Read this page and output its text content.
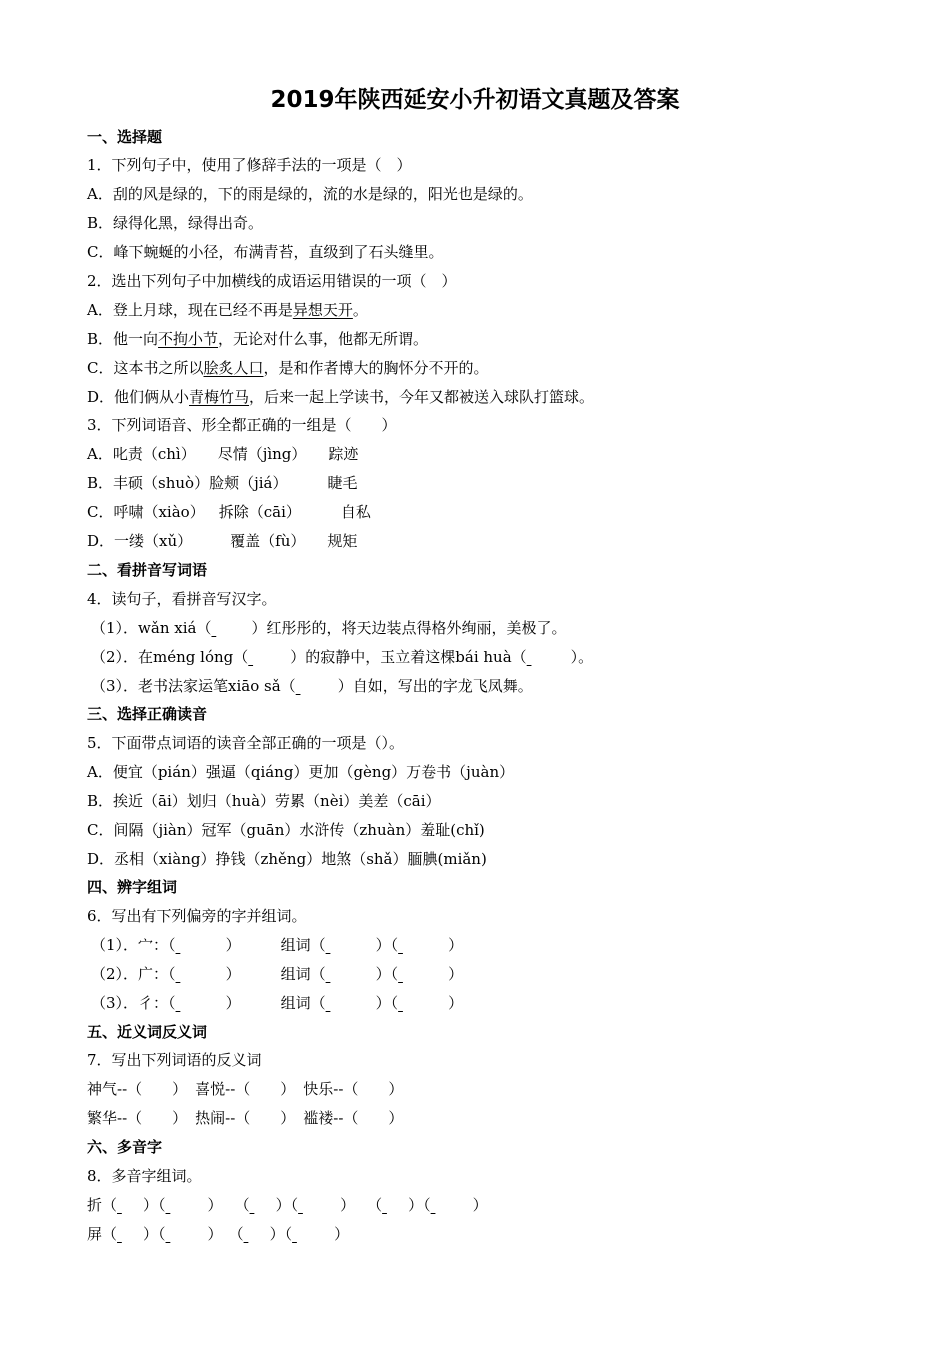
2019年陕西延安小升初语文真题及答案
一、选择题
1．下列句子中，使用了修辞手法的一项是（　）
A．刮的风是绿的，下的雨是绿的，流的水是绿的，阳光也是绿的。
B．绿得化黑，绿得出奇。
C．峰下蜿蜒的小径，布满青苔，直级到了石头缝里。
2．选出下列句子中加横线的成语运用错误的一项（　）
A．登上月球，现在已经不再是异想天开。
B．他一向不拘小节，无论对什么事，他都无所谓。
C．这本书之所以脍炙人口，是和作者博大的胸怀分不开的。
D．他们俩从小青梅竹马，后来一起上学读书，今年又都被送入球队打篮球。
3．下列词语音、形全都正确的一组是（　　）
A．叱责（chì） 尽情（jìng） 踪迹
B．丰硕（shuò）脸颊（jiá）	睫毛
C．呼啸（xiào） 拆除（cāi）	自私
D．一缕（xǔ）	覆盖（fù） 规矩
二、看拼音写词语
4．读句子，看拼音写汉字。
（1）．wǎn xiá（	）红彤彤的，将天边装点得格外绚丽，美极了。
（2）．在méng lóng（	）的寂静中，玉立着这棵bái huà（	）。
（3）．老书法家运笔xiāo sǎ（	）自如，写出的字龙飞凤舞。
三、选择正确读音
5．下面带点词语的读音全部正确的一项是（）。
A．便宜（pián）强逼（qiáng）更加（gèng）万卷书（juàn）
B．挨近（āi）划归（huà）劳累（nèi）美差（cāi）
C．间隔（jiàn）冠军（guān）水浒传（zhuàn）羞耻(chǐ)
D．丞相（xiàng）挣钱（zhěng）地煞（shǎ）腼腆(miǎn)
四、辨字组词
6．写出有下列偏旁的字并组词。
（1）．宀：（	）	组词（	）（	）
（2）．广：（	）	组词（	）（	）
（3）．彳：（	）	组词（	）（	）
五、近义词反义词
7．写出下列词语的反义词
神气--（　　） 喜悦--（　　） 快乐--（　　）
繁华--（　　） 热闹--（　　） 褴褛--（　　）
六、多音字
8．多音字组词。
折（ ）（	） （ ）（	） （ ）（	）
屏（ ）（	） （ ）（	）
